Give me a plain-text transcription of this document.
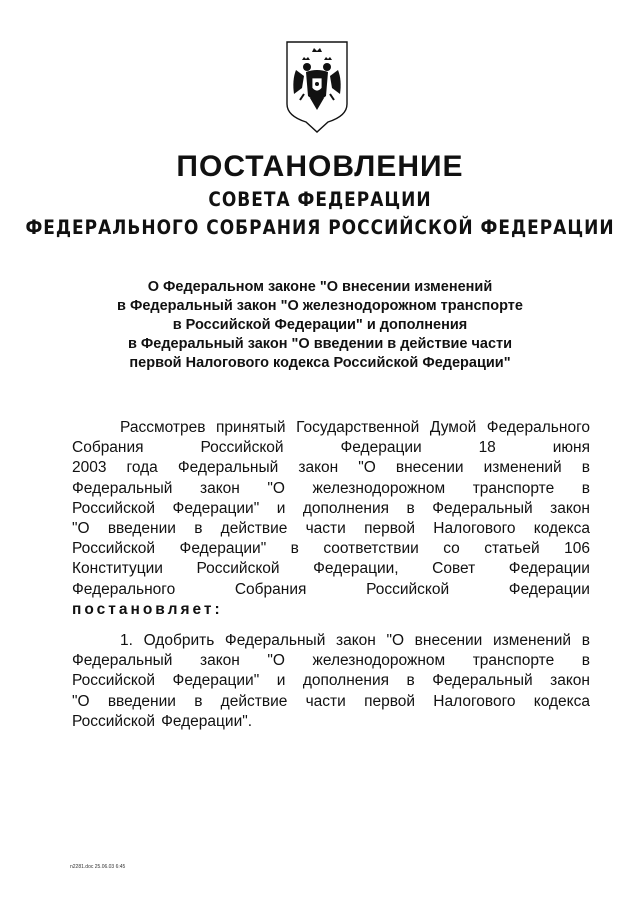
ПОСТАНОВЛЕНИЕ
СОВЕТА ФЕДЕРАЦИИ
ФЕДЕРАЛЬНОГО СОБРАНИЯ РОССИЙСКОЙ ФЕДЕРАЦИИ
О Федеральном законе "О внесении изменений
в Федеральный закон "О железнодорожном транспорте
в Российской Федерации" и дополнения
в Федеральный закон "О введении в действие части
первой Налогового кодекса Российской Федерации"
Рассмотрев принятый Государственной Думой Федерального
Собрания	Российской	Федерации	18	июня
2003 года Федеральный закон "О внесении изменений в
Федеральный закон "О железнодорожном транспорте в
Российской Федерации" и дополнения в Федеральный закон
"О введении в действие части первой Налогового кодекса
Российской Федерации" в соответствии со статьей 106
Конституции Российской Федерации, Совет Федерации
Федерального	Собрания	Российской	Федерации
постановляет:
1. Одобрить Федеральный закон "О внесении изменений в
Федеральный закон "О железнодорожном транспорте в
Российской Федерации" и дополнения в Федеральный закон
"О введении в действие части первой Налогового кодекса
Российской Федерации".
n2281.doc 25.06.03 6:45
